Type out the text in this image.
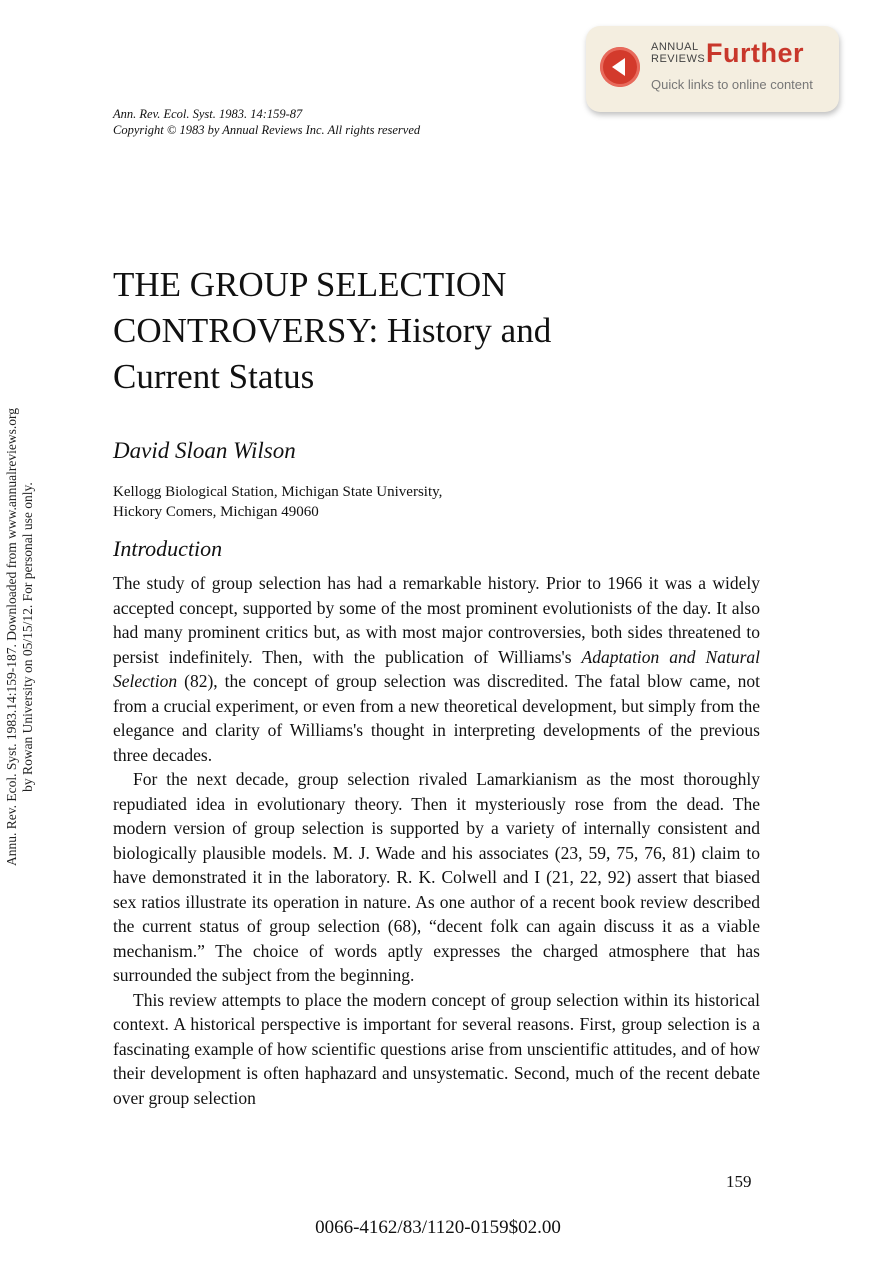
ANNUAL
REVIEWS Further
Quick links to online content
Ann. Rev. Ecol. Syst. 1983. 14:159-87
Copyright © 1983 by Annual Reviews Inc. All rights reserved
Annu. Rev. Ecol. Syst. 1983.14:159-187. Downloaded from www.annualreviews.org by Rowan University on 05/15/12. For personal use only.
THE GROUP SELECTION
CONTROVERSY: History and
Current Status
David Sloan Wilson
Kellogg Biological Station, Michigan State University,
Hickory Comers, Michigan 49060
Introduction

The study of group selection has had a remarkable history. Prior to 1966 it was a widely accepted concept, supported by some of the most prominent evolutionists of the day. It also had many prominent critics but, as with most major controversies, both sides threatened to persist indefinitely. Then, with the publication of Williams's Adaptation and Natural Selection (82), the concept of group selection was discredited. The fatal blow came, not from a crucial experiment, or even from a new theoretical development, but simply from the elegance and clarity of Williams's thought in interpreting developments of the previous three decades.

For the next decade, group selection rivaled Lamarkianism as the most thoroughly repudiated idea in evolutionary theory. Then it mysteriously rose from the dead. The modern version of group selection is supported by a variety of internally consistent and biologically plausible models. M. J. Wade and his associates (23, 59, 75, 76, 81) claim to have demonstrated it in the laboratory. R. K. Colwell and I (21, 22, 92) assert that biased sex ratios illustrate its operation in nature. As one author of a recent book review described the current status of group selection (68), “decent folk can again discuss it as a viable mechanism.” The choice of words aptly expresses the charged atmosphere that has surrounded the subject from the beginning.

This review attempts to place the modern concept of group selection within its historical context. A historical perspective is important for several reasons. First, group selection is a fascinating example of how scientific questions arise from unscientific attitudes, and of how their development is often haphazard and unsystematic. Second, much of the recent debate over group selection

159
0066-4162/83/1120-0159$02.00
